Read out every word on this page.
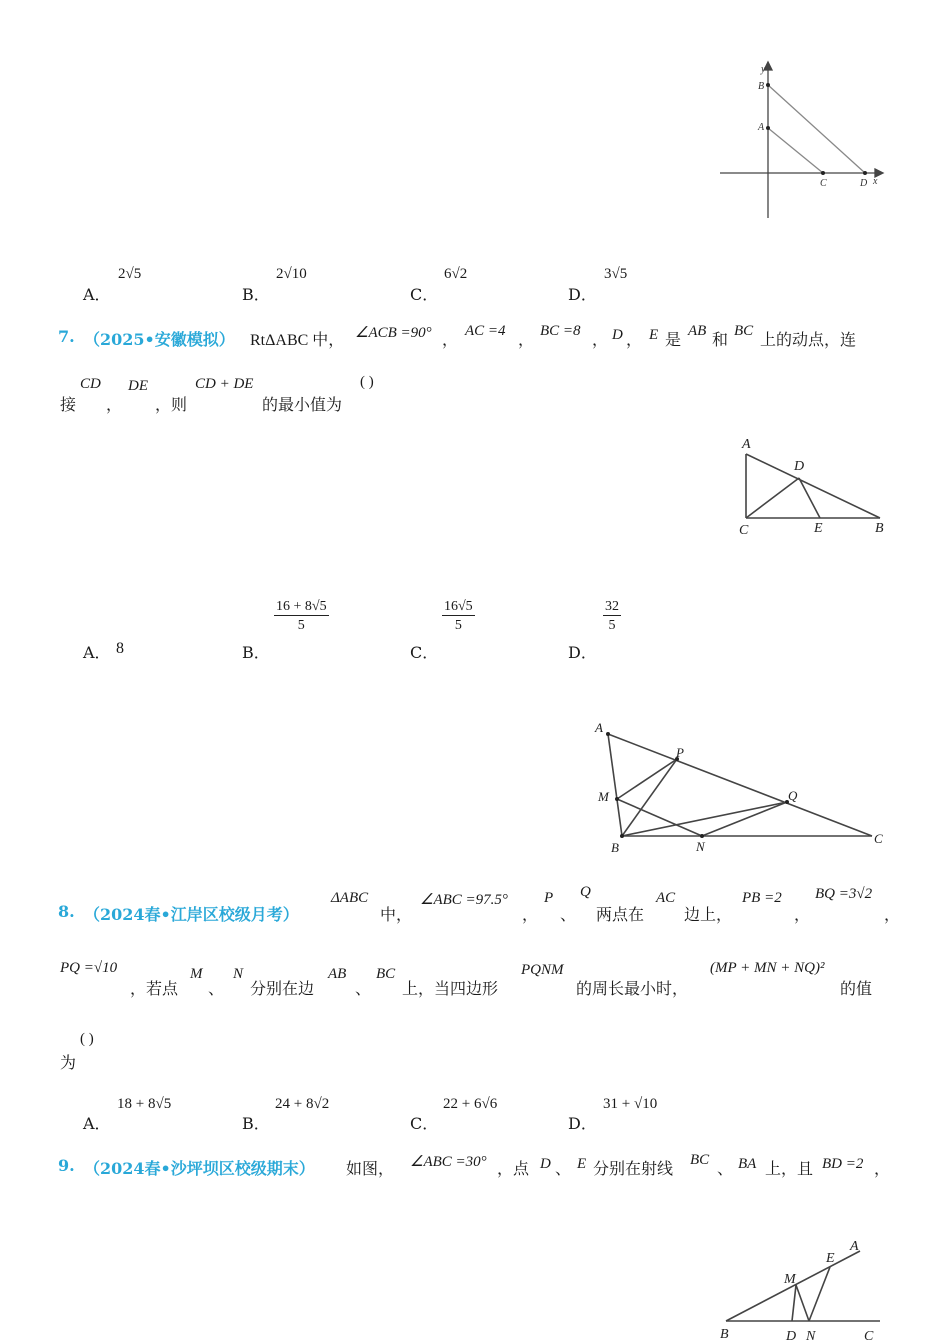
y
B
A
C	D x
A．
2√5
B．
2√10
C．
6√2
D．
3√5
7. （2025•安徽模拟） RtΔABC 中， ∠ACB =90° ， AC =4 ， BC =8 ， D ， E 是 AB 和 BC 上的动点，连
接
CD
，
DE
，则
CD + DE
的最小值为
( )
A
D
C	E	B
A． 8	B．
$\frac{16 + 8√5}{5}$
C．
$\frac{16√5}{5}$
D．
$\frac{32}{5}$
A
P
M	Q
B	N
C
8. （2024春•江岸区校级月考）
ΔABC
中，
∠ABC =97.5°
，
P
、
Q
两点在
AC
边上，
PB =2
，
BQ =3√2
，
PQ =√10
，若点
M
、
N
分别在边
AB
、
BC
上，当四边形
PQNM
的周长最小时，
(MP + MN + NQ)²
的值
为
( )
A．
18 + 8√5
B．
24 + 8√2
C．
22 + 6√6
D．
31 + √10
9. （2024春•沙坪坝区校级期末） 如图， ∠ABC =30° ，点 D 、 E 分别在射线 BC 、 BA 上，且 BD =2 ，
A
E
M
B	D N	C
